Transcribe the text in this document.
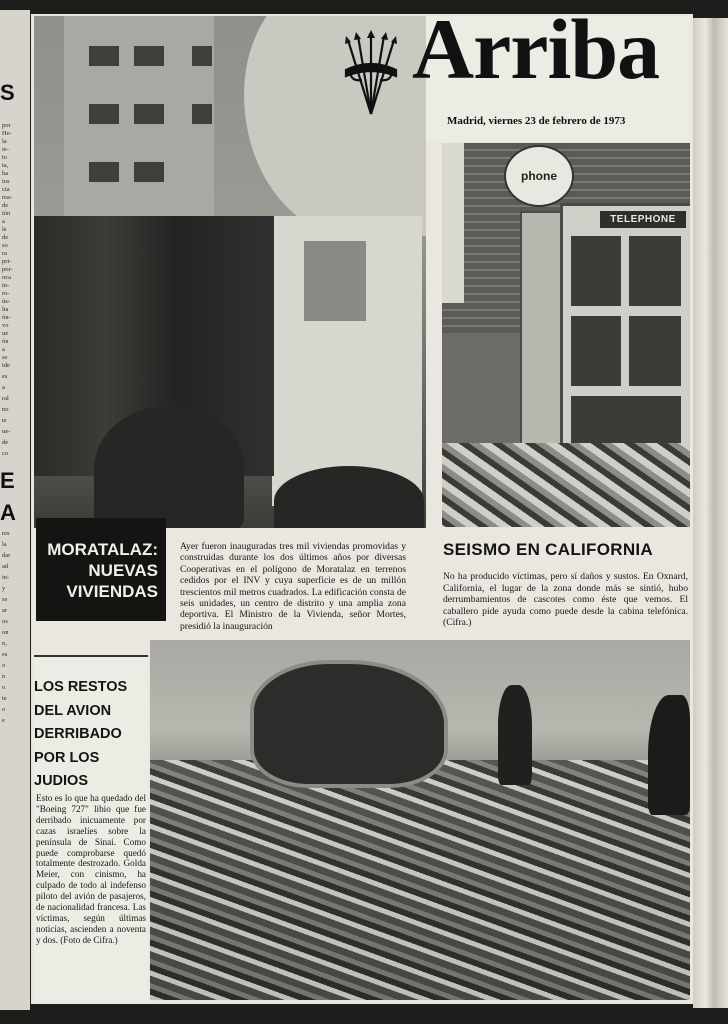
S
E
A
por
He-
la
ie-
to
ta,
ha
ios
cia
rea-
de
ión
a
le
de
so
ra
pri-
por-
oca
in-
ro-
ús-
lta
ón-
vo
ue
ón
a
se
ide
es
a
ral
no
te
ue-
de
co
res
la
dar
ad
in-
y
se
ar
os
on
n,
es
o
n
o
te
o
e
Arriba
Madrid, viernes 23 de febrero de 1973
phone
TELEPHONE
MORATALAZ:
NUEVAS
VIVIENDAS
Ayer fueron inauguradas tres mil viviendas promovidas y construidas durante los dos últimos años por diversas Cooperativas en el polígono de Moratalaz en terrenos cedidos por el INV y cuya superficie es de un millón trescientos mil metros cuadrados. La edificación consta de seis unidades, un centro de distrito y una amplia zona deportiva. El Ministro de la Vivienda, señor Mortes, presidió la inauguración
SEISMO EN CALIFORNIA
No ha producido víctimas, pero sí daños y sustos. En Oxnard, California, el lugar de la zona donde más se sintió, hubo derrumbamientos de cascotes como éste que vemos. El caballero pide ayuda como puede desde la cabina telefónica. (Cifra.)
LOS RESTOS
DEL AVION
DERRIBADO
POR LOS JUDIOS
Esto es lo que ha quedado del "Boeing 727" libio que fue derribado inicuamente por cazas israelíes sobre la península de Sinaí. Como puede comprobarse quedó totalmente destrozado. Golda Meier, con cinismo, ha culpado de todo al indefenso piloto del avión de pasajeros, de nacionalidad francesa. Las víctimas, según últimas noticias, ascienden a noventa y dos. (Foto de Cifra.)
